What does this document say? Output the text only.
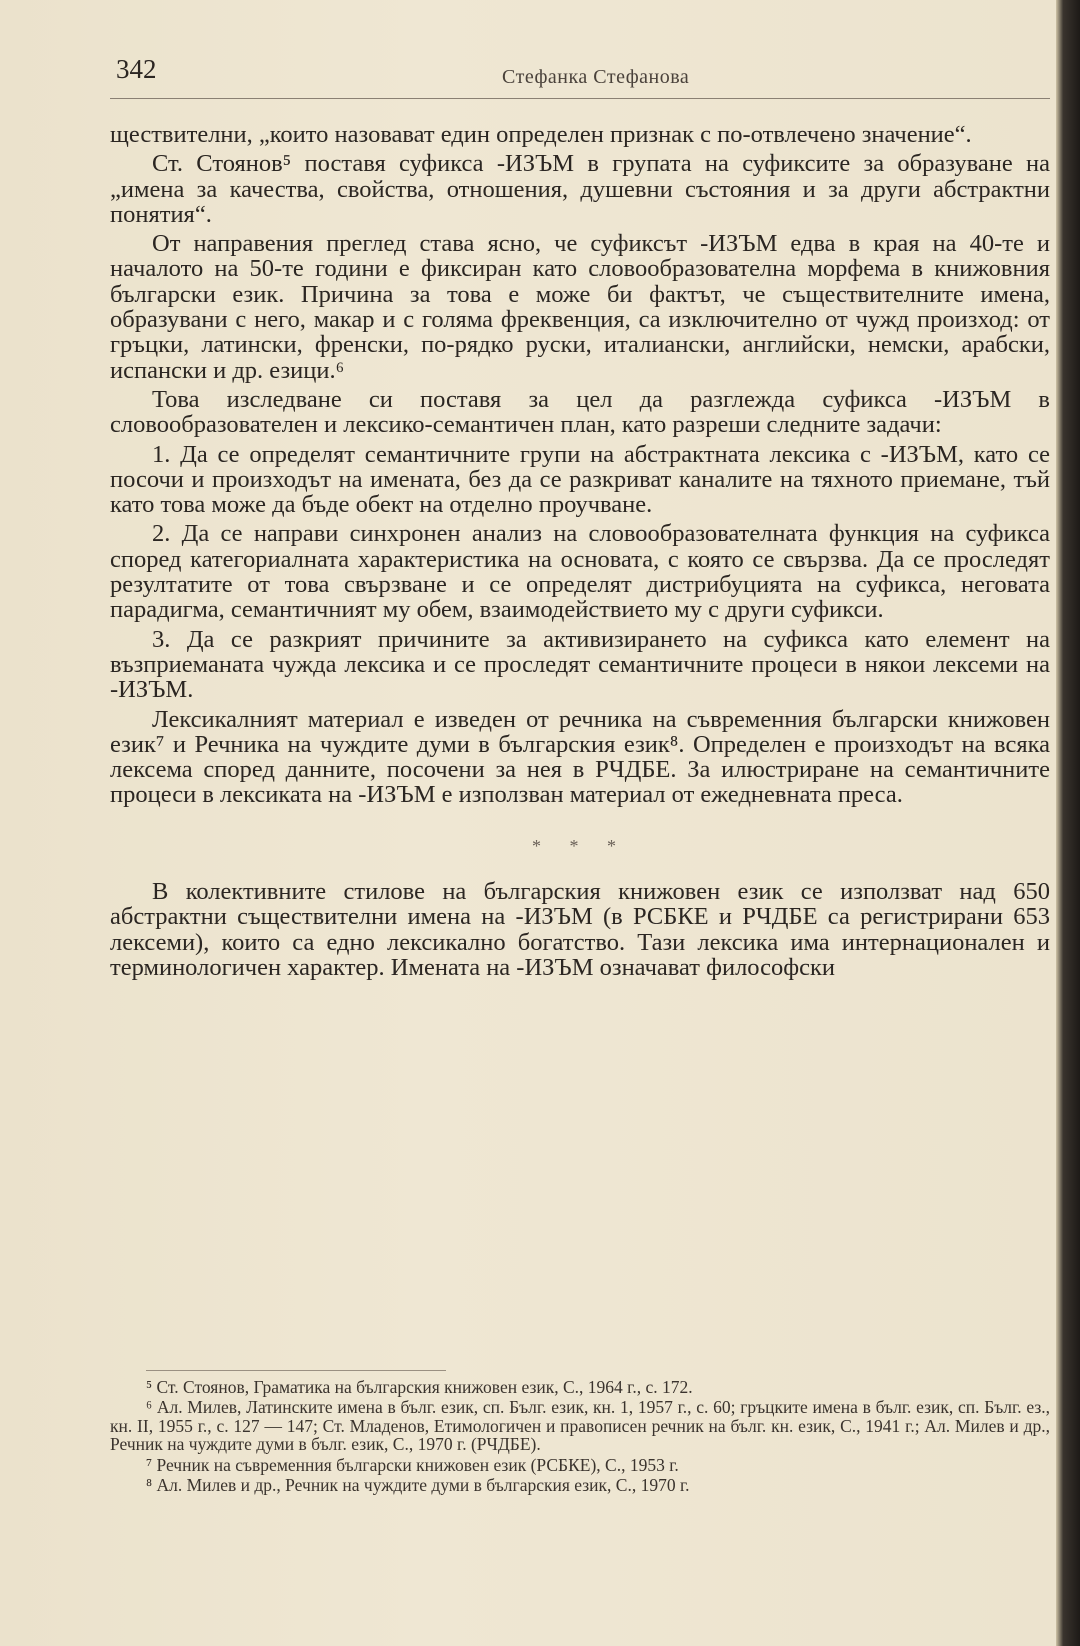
342	Стефанка Стефанова

ществителни, „които назовават един определен признак с по-отвлечено значение“.

Ст. Стоянов⁵ поставя суфикса -ИЗЪМ в групата на суфиксите за образуване на „имена за качества, свойства, отношения, душевни състояния и за други абстрактни понятия“.

От направения преглед става ясно, че суфиксът -ИЗЪМ едва в края на 40-те и началото на 50-те години е фиксиран като словообразователна морфема в книжовния български език. Причина за това е може би фактът, че съществителните имена, образувани с него, макар и с голяма фреквенция, са изключително от чужд произход: от гръцки, латински, френски, по-рядко руски, италиански, английски, немски, арабски, испански и др. езици.⁶

Това изследване си поставя за цел да разглежда суфикса -ИЗЪМ в словообразователен и лексико-семантичен план, като разреши следните задачи:

1. Да се определят семантичните групи на абстрактната лексика с -ИЗЪМ, като се посочи и произходът на имената, без да се разкриват каналите на тяхното приемане, тъй като това може да бъде обект на отделно проучване.

2. Да се направи синхронен анализ на словообразователната функция на суфикса според категориалната характеристика на основата, с която се свързва. Да се проследят резултатите от това свързване и се определят дистрибуцията на суфикса, неговата парадигма, семантичният му обем, взаимодействието му с други суфикси.

3. Да се разкрият причините за активизирането на суфикса като елемент на възприеманата чужда лексика и се проследят семантичните процеси в някои лексеми на -ИЗЪМ.

Лексикалният материал е изведен от речника на съвременния български книжовен език⁷ и Речника на чуждите думи в българския език⁸. Определен е произходът на всяка лексема според данните, посочени за нея в РЧДБЕ. За илюстриране на семантичните процеси в лексиката на -ИЗЪМ е използван материал от ежедневната преса.

* * *

В колективните стилове на българския книжовен език се използват над 650 абстрактни съществителни имена на -ИЗЪМ (в РСБКЕ и РЧДБЕ са регистрирани 653 лексеми), които са едно лексикално богатство. Тази лексика има интернационален и терминологичен характер. Имената на -ИЗЪМ означават философски

⁵ Ст. Стоянов, Граматика на българския книжовен език, С., 1964 г., с. 172.

⁶ Ал. Милев, Латинските имена в бълг. език, сп. Бълг. език, кн. 1, 1957 г., с. 60; гръцките имена в бълг. език, сп. Бълг. ез., кн. II, 1955 г., с. 127 — 147; Ст. Младенов, Етимологичен и правописен речник на бълг. кн. език, С., 1941 г.; Ал. Милев и др., Речник на чуждите думи в бълг. език, С., 1970 г. (РЧДБЕ).

⁷ Речник на съвременния български книжовен език (РСБКЕ), С., 1953 г.

⁸ Ал. Милев и др., Речник на чуждите думи в българския език, С., 1970 г.
